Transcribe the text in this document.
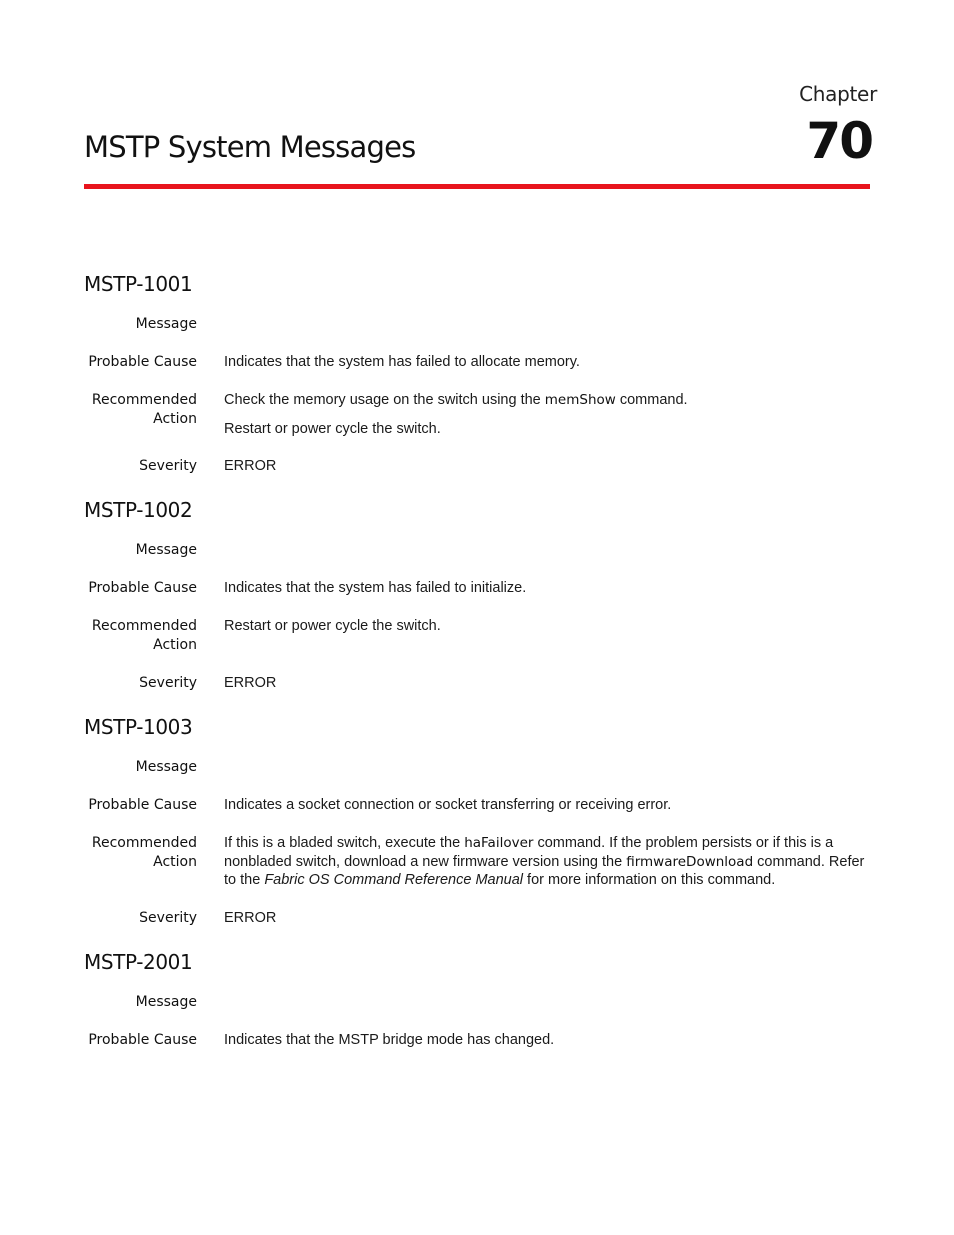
Chapter
70
MSTP System Messages
MSTP-1001
Message
Probable Cause Indicates that the system has failed to allocate memory.
Recommended
Action

Check the memory usage on the switch using the memShow command.

Restart or power cycle the switch.

Severity ERROR
MSTP-1002
Message
Probable Cause Indicates that the system has failed to initialize.
Recommended
Action
Restart or power cycle the switch.
Severity ERROR
MSTP-1003
Message
Probable Cause Indicates a socket connection or socket transferring or receiving error.
Recommended
Action
If this is a bladed switch, execute the haFailover command. If the problem persists or if this is a nonbladed switch, download a new firmware version using the firmwareDownload command. Refer to the Fabric OS Command Reference Manual for more information on this command.
Severity ERROR
MSTP-2001
Message
Probable Cause Indicates that the MSTP bridge mode has changed.
